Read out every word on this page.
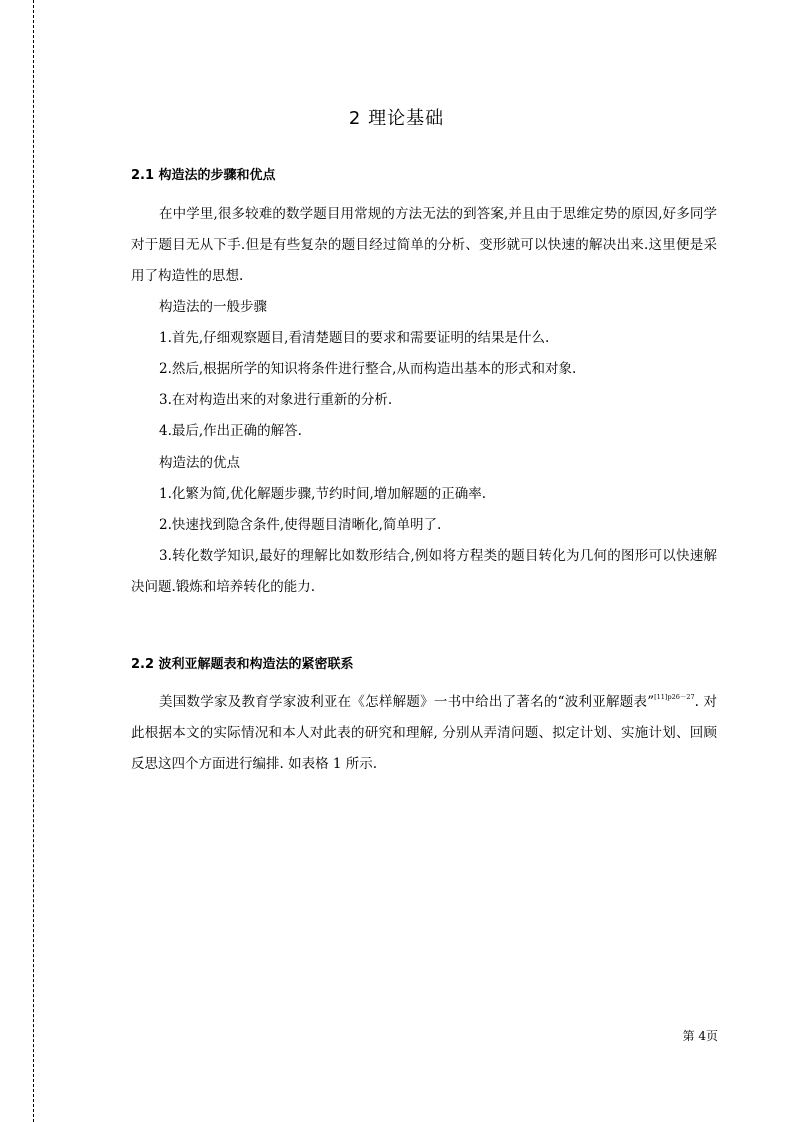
2 理论基础
2.1 构造法的步骤和优点

在中学里,很多较难的数学题目用常规的方法无法的到答案,并且由于思维定势的原因,好多同学对于题目无从下手.但是有些复杂的题目经过简单的分析、变形就可以快速的解决出来.这里便是采用了构造性的思想.

构造法的一般步骤
1.首先,仔细观察题目,看清楚题目的要求和需要证明的结果是什么.
2.然后,根据所学的知识将条件进行整合,从而构造出基本的形式和对象.
3.在对构造出来的对象进行重新的分析.
4.最后,作出正确的解答.
构造法的优点
1.化繁为简,优化解题步骤,节约时间,增加解题的正确率.
2.快速找到隐含条件,使得题目清晰化,简单明了.

3.转化数学知识,最好的理解比如数形结合,例如将方程类的题目转化为几何的图形可以快速解决问题.锻炼和培养转化的能力.

2.2 波利亚解题表和构造法的紧密联系

美国数学家及教育学家波利亚在《怎样解题》一书中给出了著名的“波利亚解题表”$^{[11]p26-27}$. 对此根据本文的实际情况和本人对此表的研究和理解, 分别从弄清问题、拟定计划、实施计划、回顾反思这四个方面进行编排. 如表格 1 所示.

第 4页
